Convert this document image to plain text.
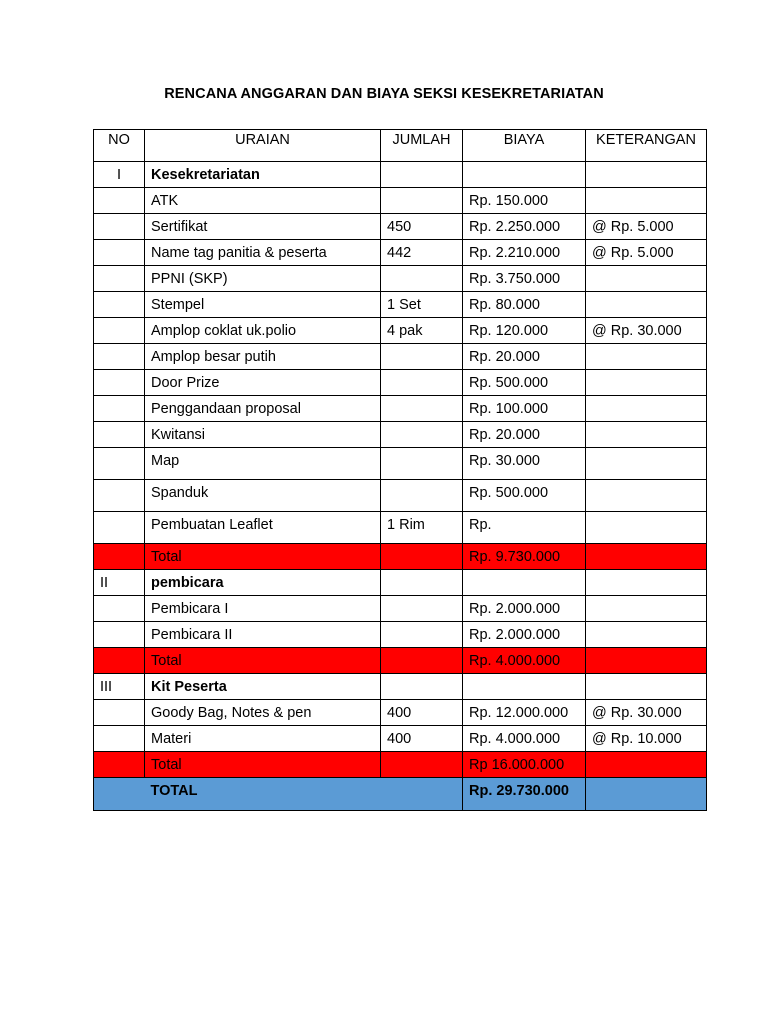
RENCANA ANGGARAN DAN BIAYA SEKSI KESEKRETARIATAN
NO	URAIAN	JUMLAH	BIAYA	KETERANGAN
I	Kesekretariatan			
	ATK		Rp. 150.000	
	Sertifikat	450	Rp. 2.250.000	@ Rp. 5.000
	Name tag panitia & peserta	442	Rp. 2.210.000	@ Rp. 5.000
	PPNI (SKP)		Rp. 3.750.000	
	Stempel	1 Set	Rp. 80.000	
	Amplop coklat uk.polio	4 pak	Rp. 120.000	@ Rp. 30.000
	Amplop besar putih		Rp. 20.000	
	Door Prize		Rp. 500.000	
	Penggandaan proposal		Rp. 100.000	
	Kwitansi		Rp. 20.000	
	Map		Rp. 30.000	
	Spanduk		Rp. 500.000	
	Pembuatan Leaflet	1 Rim	Rp.	
	Total		Rp. 9.730.000	
II	pembicara			
	Pembicara I		Rp. 2.000.000	
	Pembicara II		Rp. 2.000.000	
	Total		Rp. 4.000.000	
III	Kit Peserta			
	Goody Bag, Notes & pen	400	Rp. 12.000.000	@ Rp. 30.000
	Materi	400	Rp. 4.000.000	@ Rp. 10.000
	Total		Rp 16.000.000	
	TOTAL		Rp. 29.730.000	
